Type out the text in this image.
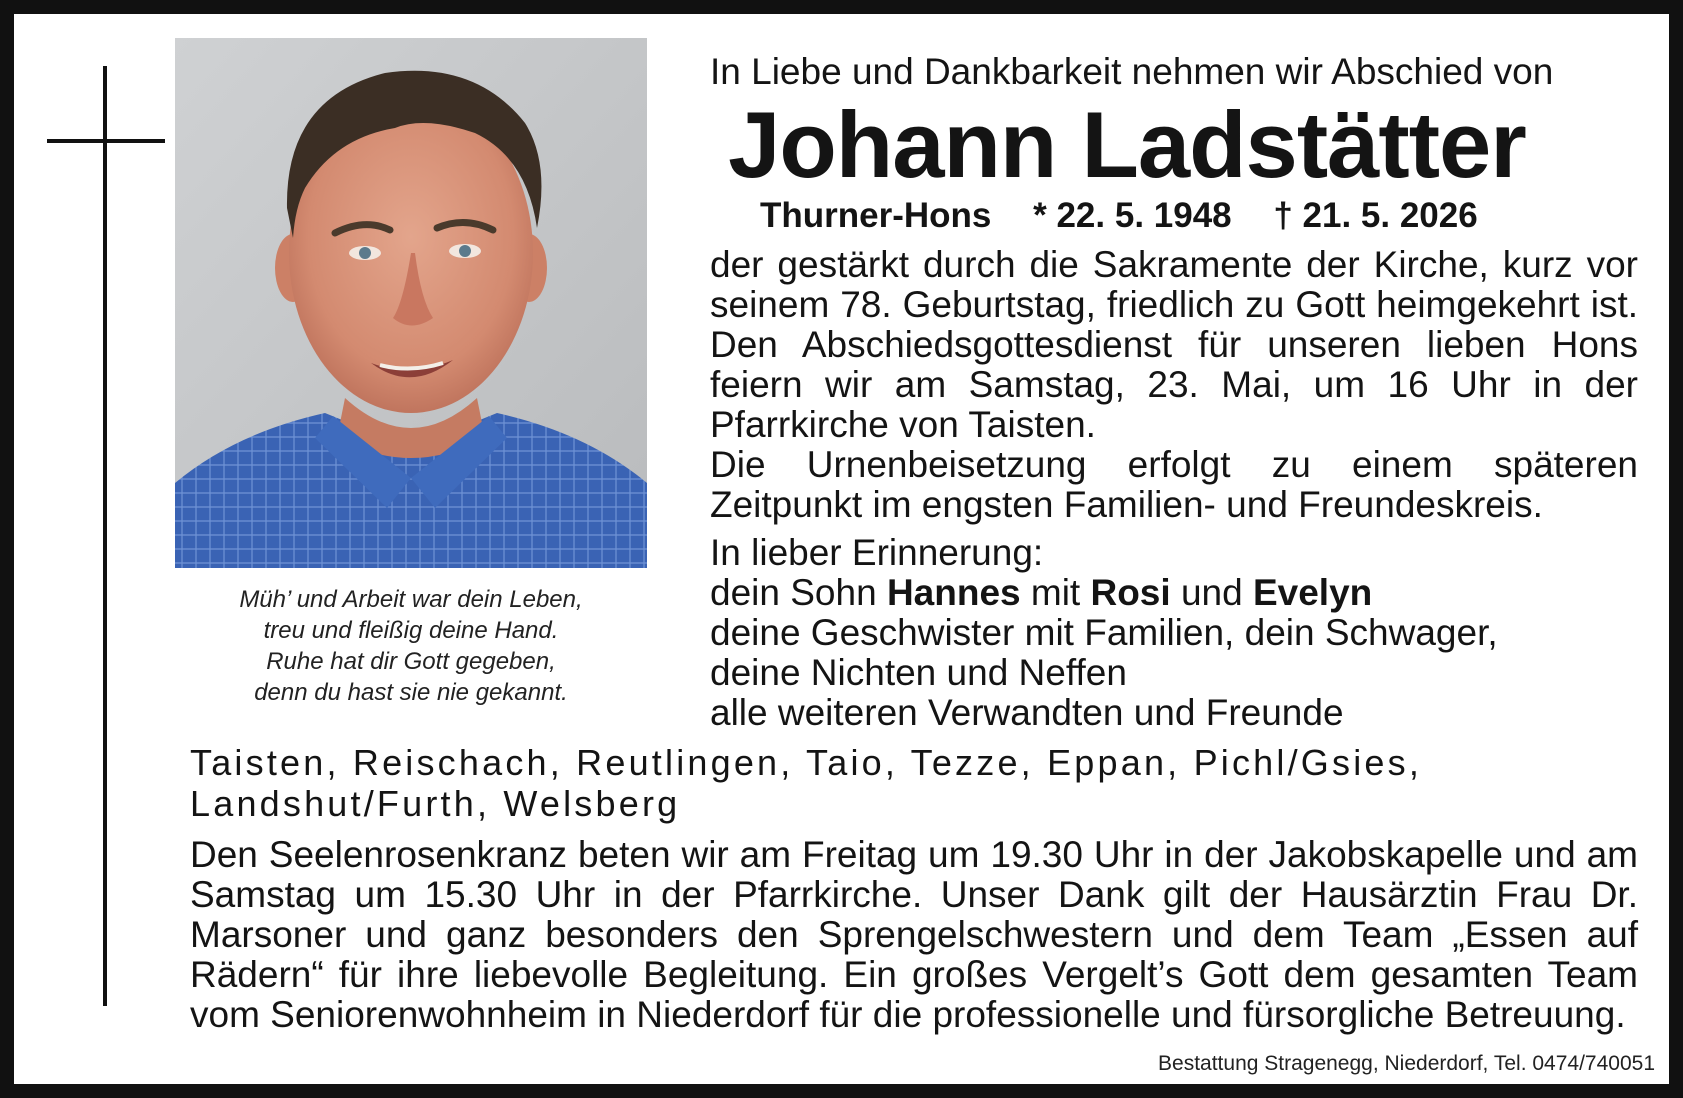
Müh’ und Arbeit war dein Leben,
treu und fleißig deine Hand.
Ruhe hat dir Gott gegeben,
denn du hast sie nie gekannt.
In Liebe und Dankbarkeit nehmen wir Abschied von
Johann Ladstätter
Thurner-Hons * 22. 5. 1948 † 21. 5. 2026

der gestärkt durch die Sakramente der Kirche, kurz vor seinem 78. Geburtstag, friedlich zu Gott heimgekehrt ist. Den Abschiedsgottesdienst für unseren lieben Hons feiern wir am Samstag, 23. Mai, um 16 Uhr in der Pfarrkirche von Taisten.

Die Urnenbeisetzung erfolgt zu einem späteren Zeitpunkt im engsten Familien- und Freundeskreis.

In lieber Erinnerung:
dein Sohn Hannes mit Rosi und Evelyn
deine Geschwister mit Familien, dein Schwager,
deine Nichten und Neffen
alle weiteren Verwandten und Freunde
Taisten, Reischach, Reutlingen, Taio, Tezze, Eppan, Pichl/Gsies,
Landshut/Furth, Welsberg

Den Seelenrosenkranz beten wir am Freitag um 19.30 Uhr in der Jakobskapelle und am Samstag um 15.30 Uhr in der Pfarrkirche. Unser Dank gilt der Hausärztin Frau Dr. Marsoner und ganz besonders den Sprengelschwestern und dem Team „Essen auf Rädern“ für ihre liebevolle Begleitung. Ein großes Vergelt’s Gott dem gesamten Team vom Seniorenwohnheim in Niederdorf für die professionelle und fürsorgliche Betreuung.

Bestattung Stragenegg, Niederdorf, Tel. 0474/740051
